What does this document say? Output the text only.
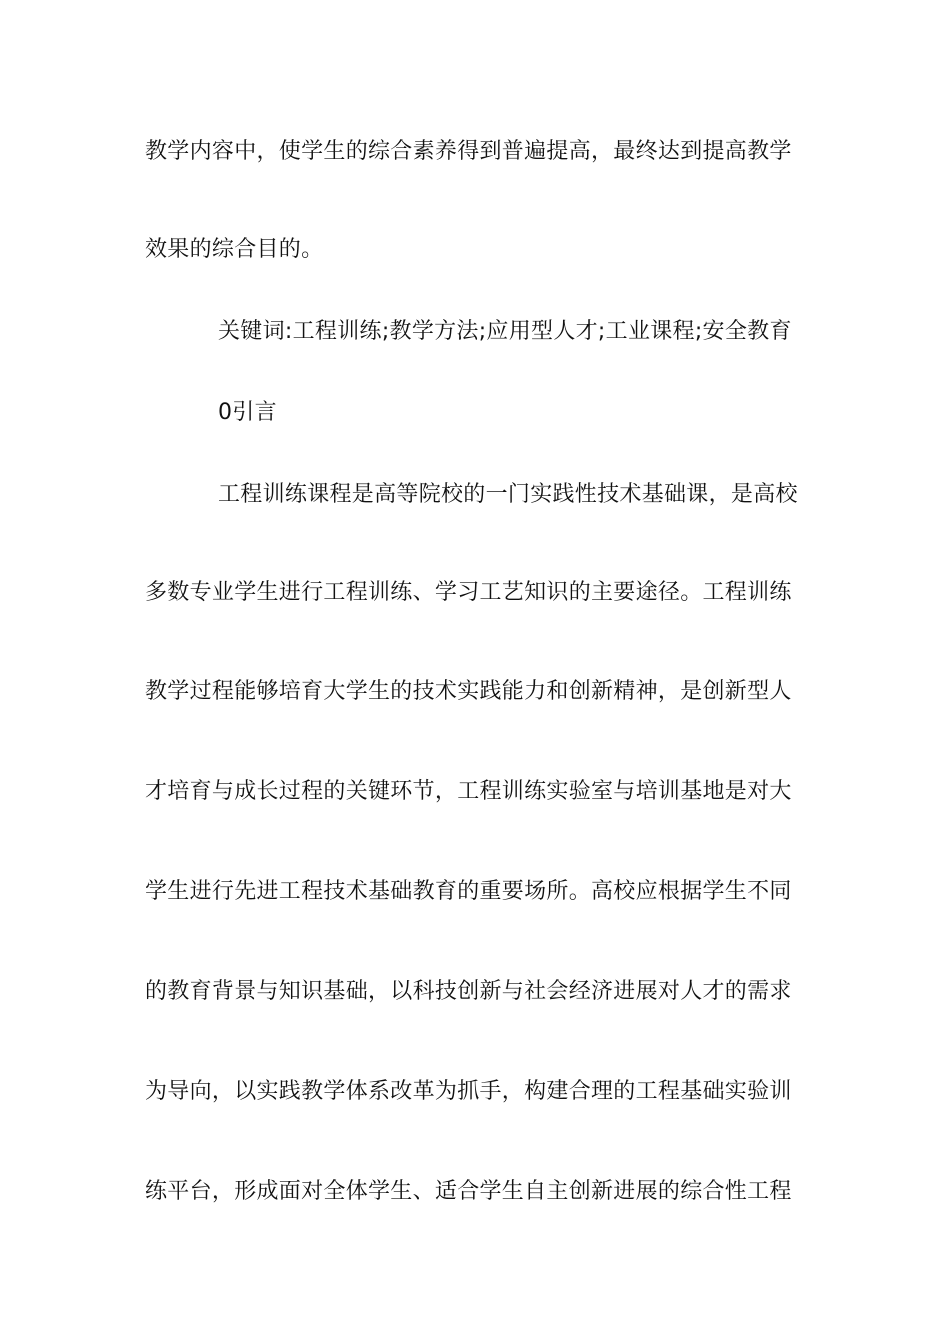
教学内容中，使学生的综合素养得到普遍提高，最终达到提高教学
效果的综合目的。
关键词:工程训练;教学方法;应用型人才;工业课程;安全教育
0引言
工程训练课程是高等院校的一门实践性技术基础课，是高校
多数专业学生进行工程训练、学习工艺知识的主要途径。工程训练
教学过程能够培育大学生的技术实践能力和创新精神，是创新型人
才培育与成长过程的关键环节，工程训练实验室与培训基地是对大
学生进行先进工程技术基础教育的重要场所。高校应根据学生不同
的教育背景与知识基础，以科技创新与社会经济进展对人才的需求
为导向，以实践教学体系改革为抓手，构建合理的工程基础实验训
练平台，形成面对全体学生、适合学生自主创新进展的综合性工程
